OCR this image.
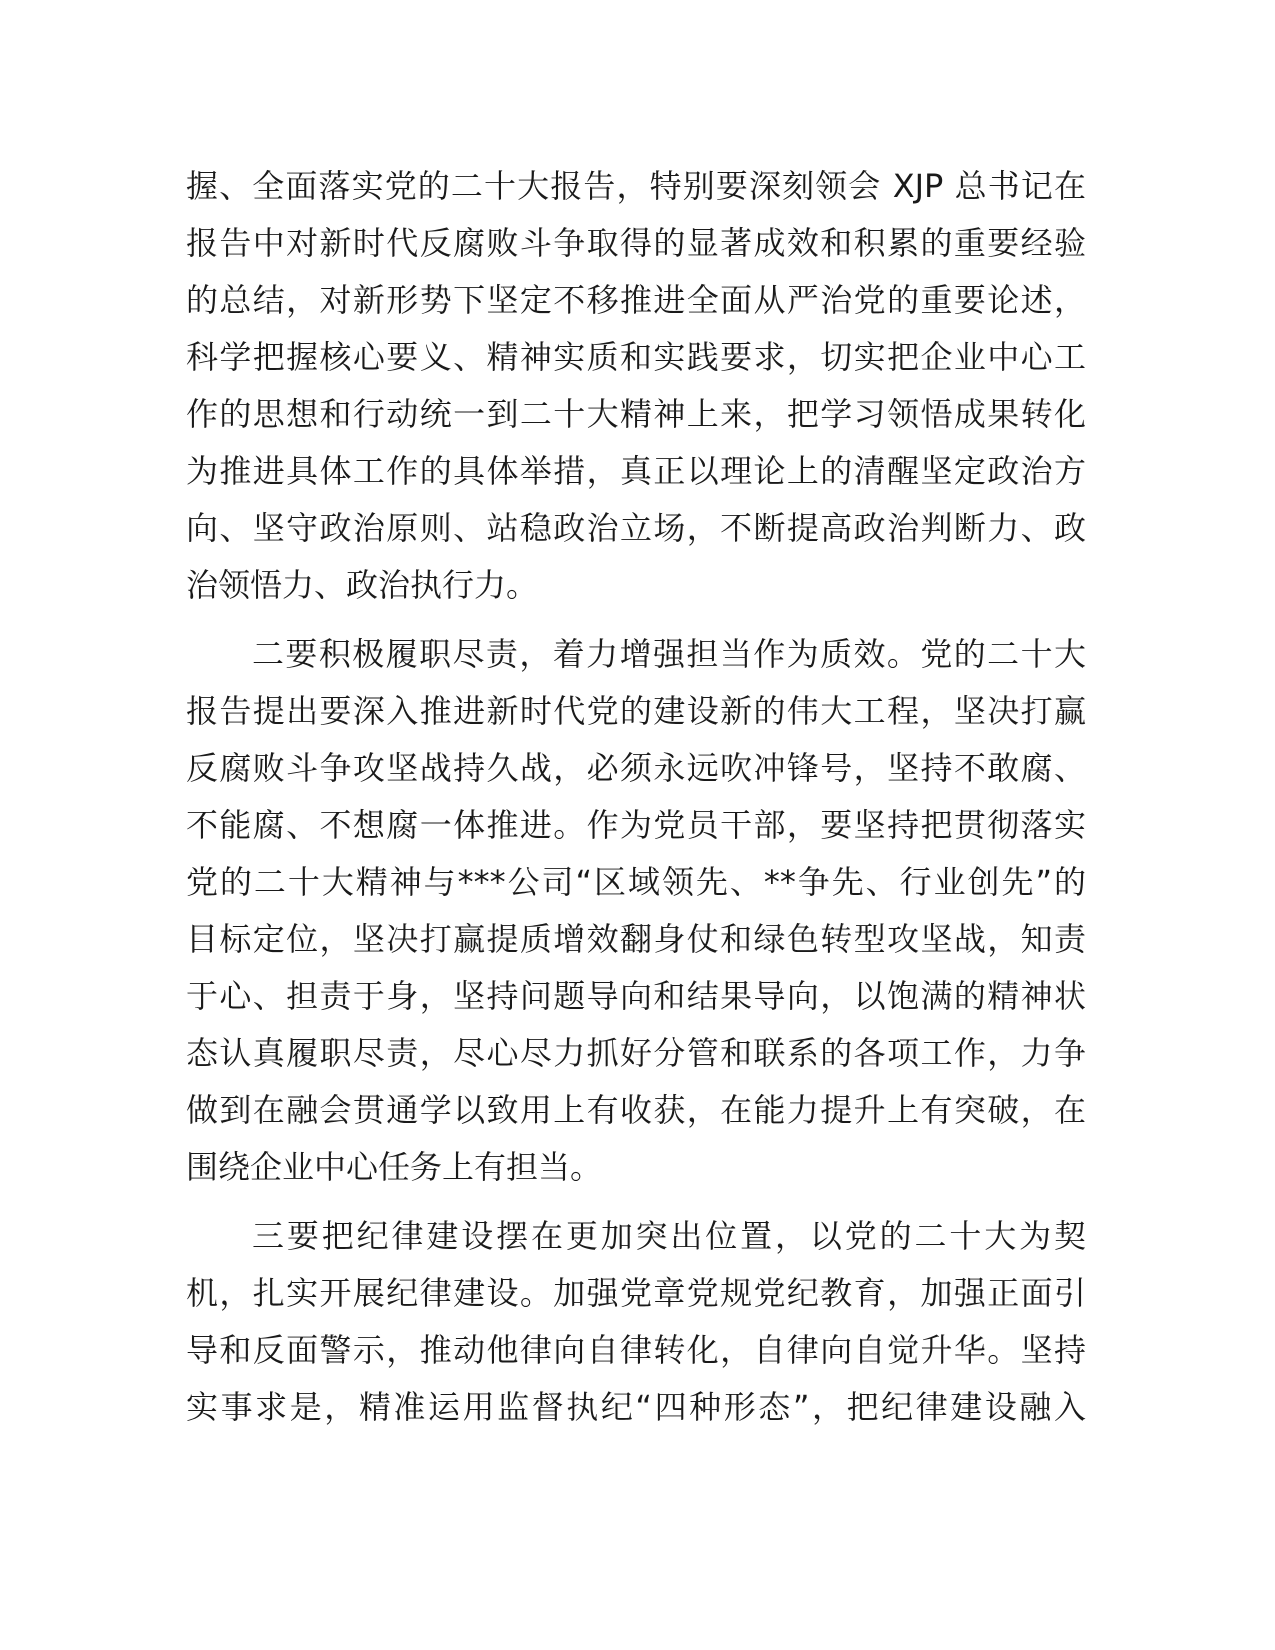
握、全面落实党的二十大报告，特别要深刻领会 XJP 总书记在
报告中对新时代反腐败斗争取得的显著成效和积累的重要经验
的总结，对新形势下坚定不移推进全面从严治党的重要论述，
科学把握核心要义、精神实质和实践要求，切实把企业中心工
作的思想和行动统一到二十大精神上来，把学习领悟成果转化
为推进具体工作的具体举措，真正以理论上的清醒坚定政治方
向、坚守政治原则、站稳政治立场，不断提高政治判断力、政
治领悟力、政治执行力。
二要积极履职尽责，着力增强担当作为质效。党的二十大
报告提出要深入推进新时代党的建设新的伟大工程，坚决打赢
反腐败斗争攻坚战持久战，必须永远吹冲锋号，坚持不敢腐、
不能腐、不想腐一体推进。作为党员干部，要坚持把贯彻落实
党的二十大精神与***公司“区域领先、**争先、行业创先”的
目标定位，坚决打赢提质增效翻身仗和绿色转型攻坚战，知责
于心、担责于身，坚持问题导向和结果导向，以饱满的精神状
态认真履职尽责，尽心尽力抓好分管和联系的各项工作，力争
做到在融会贯通学以致用上有收获，在能力提升上有突破，在
围绕企业中心任务上有担当。
三要把纪律建设摆在更加突出位置，以党的二十大为契
机，扎实开展纪律建设。加强党章党规党纪教育，加强正面引
导和反面警示，推动他律向自律转化，自律向自觉升华。坚持
实事求是，精准运用监督执纪“四种形态”，把纪律建设融入
